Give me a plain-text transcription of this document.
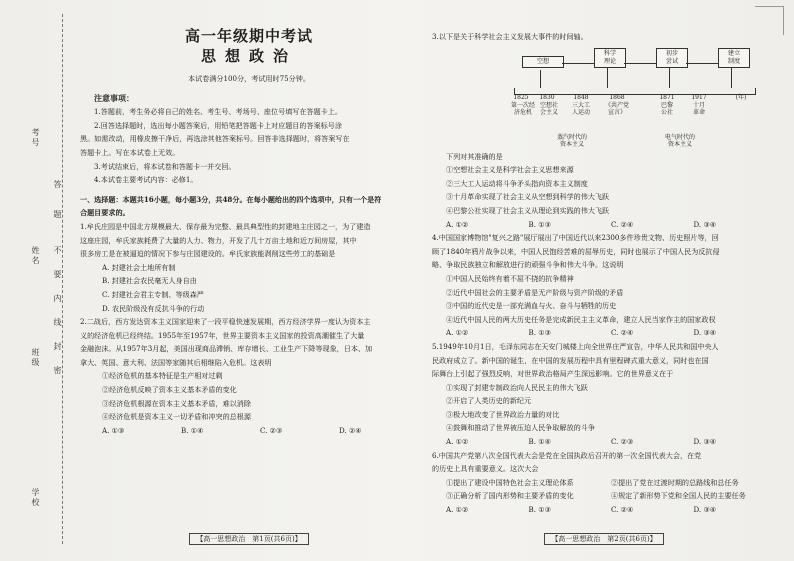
考号
答
题
姓名 不
要
内
线
班级
封
密
学校
高一年级期中考试
思想政治
本试卷满分100分，考试用时75分钟。
注意事项：
1.答题前，考生务必将自己的姓名、考生号、考场号、座位号填写在答题卡上。
2.回答选择题时，选出每小题答案后，用铅笔把答题卡上对应题目的答案标号涂
黑。如需改动，用橡皮擦干净后，再选涂其他答案标号。回答非选择题时，将答案写在
答题卡上。写在本试卷上无效。
3.考试结束后，将本试卷和答题卡一并交回。
4.本试卷主要考试内容：必修1。
一、选择题：本题共16小题，每小题3分，共48分。在每小题给出的四个选项中，只有一个是符
合题目要求的。
1.牟氏庄园是中国北方规模最大、保存最为完整、最具典型性的封建地主庄园之一，为了建造
这座庄园，牟氏家族耗费了大量的人力、物力，开发了几十万亩土地和近万间房屋，其中
很多房工是在被逼迫的情况下参与庄园建设的。牟氏家族能剥削这些劳工的基础是
A. 封建社会土地所有制
B. 封建社会农民毫无人身自由
C. 封建社会君主专制、等级森严
D. 农民阶级没有反抗斗争的行动
2.二战后，西方发达资本主义国家迎来了一段平稳快速发展期，西方经济学界一度认为资本主
义的经济危机已经终结。1955年至1957年，世界主要资本主义国家的投资高潮催生了大量
金融泡沫。从1957年3月起，美国出现商品滞销、库存增长、工业生产下降等现象，日本、加
拿大、英国、意大利、法国等家随其后相继陷入危机。这表明
①经济危机的基本特征是生产相对过剩
②经济危机反映了资本主义基本矛盾的变化
③经济危机根源在资本主义基本矛盾，难以消除
④经济危机是资本主义一切矛盾和冲突的总根源
A. ①③	B. ①④	C. ②③	D. ②④
【高一思想政治　第1页(共6页)】
3.以下是关于科学社会主义发展大事件的时间轴。
空想
科学
理论
初步
尝试
建立
制度
1825 1830	1848	1868	1871	1917	(年)
第一次经
济危机
空想社
会主义
三大工
人运动
《共产党
宣言》
巴黎
公社
十月
革命
蒸汽时代的
资本主义
电气时代的
资本主义
下列对其准确的是
①空想社会主义是科学社会主义思想来源
②三大工人运动将斗争矛头指向资本主义制度
③十月革命实现了社会主义从空想到科学的伟大飞跃
④巴黎公社实现了社会主义从理论到实践的伟大飞跃
A. ①②	B. ①③	C. ②④	D. ③④
4.中国国家博物馆"复兴之路"展厅展出了中国近代以来2300多件珍贵文物、历史照片等，回
顾了1840年鸦片战争以来，中国人民饱经苦难的屈辱历史，同时也展示了中国人民为反抗侵
略、争取民族独立和解放进行的顽强斗争和伟大斗争。这说明
①中国人民始终有着不屈不挠的抗争精神
②近代中国社会的主要矛盾是无产阶级与资产阶级的矛盾
③中国的近代史是一部充满血与火、奋斗与牺牲的历史
④近代中国人民的两大历史任务是完成新民主主义革命，建立人民当家作主的国家政权
A. ①②	B. ①③	C. ②④	D. ③④
5.1949年10月1日，毛泽东同志在天安门城楼上向全世界庄严宣告，中华人民共和国中央人
民政府成立了。新中国的诞生，在中国的发展历程中具有里程碑式重大意义，同时也在国
际舞台上引起了强烈反响，对世界政治格局产生深远影响。它的世界意义在于
①实现了封建专制政治向人民民主的伟大飞跃
②开启了人类历史的新纪元
③极大地改变了世界政治力量的对比
④鼓舞和推动了世界被压迫人民争取解放的斗争
A. ①②	B. ①④	C. ②③	D. ③④
6.中国共产党第八次全国代表大会是党在全国执政后召开的第一次全国代表大会，在党
的历史上具有重要意义。这次大会
①提出了建设中国特色社会主义理论体系	②提出了党在过渡时期的总路线和总任务
③正确分析了国内形势和主要矛盾的变化	④规定了新形势下党和全国人民的主要任务
A. ①②	B. ①③	C. ②④	D. ③④
【高一思想政治　第2页(共6页)】
